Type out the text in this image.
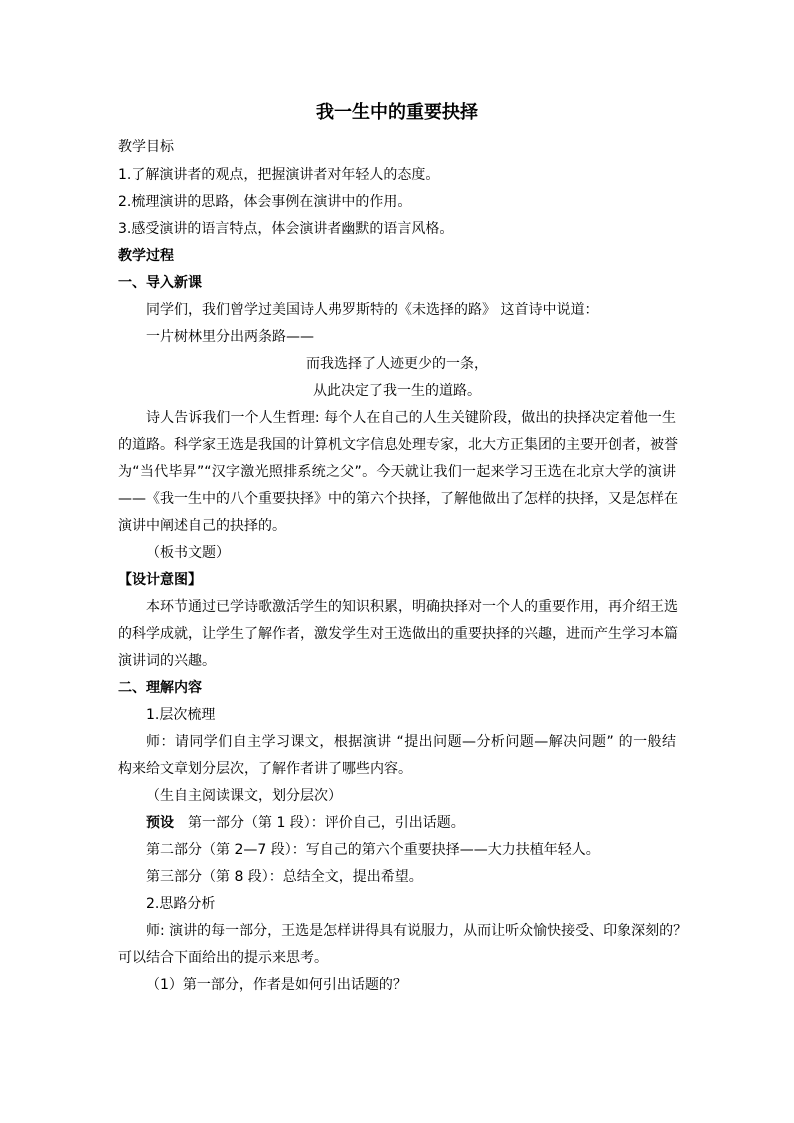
我一生中的重要抉择
教学目标
1.了解演讲者的观点，把握演讲者对年轻人的态度。
2.梳理演讲的思路，体会事例在演讲中的作用。
3.感受演讲的语言特点，体会演讲者幽默的语言风格。
教学过程
一、导入新课
同学们，我们曾学过美国诗人弗罗斯特的《未选择的路》 这首诗中说道：
一片树林里分出两条路——
而我选择了人迹更少的一条，
从此决定了我一生的道路。
诗人告诉我们一个人生哲理: 每个人在自己的人生关键阶段，做出的抉择决定着他一生
的道路。科学家王选是我国的计算机文字信息处理专家，北大方正集团的主要开创者，被誉
为“当代毕昇”“汉字激光照排系统之父”。今天就让我们一起来学习王选在北京大学的演讲
——《我一生中的八个重要抉择》中的第六个抉择，了解他做出了怎样的抉择，又是怎样在
演讲中阐述自己的抉择的。
（板书文题）
【设计意图】
本环节通过已学诗歌激活学生的知识积累，明确抉择对一个人的重要作用，再介绍王选
的科学成就，让学生了解作者，激发学生对王选做出的重要抉择的兴趣，进而产生学习本篇
演讲词的兴趣。
二、理解内容
1.层次梳理
师：请同学们自主学习课文，根据演讲 “提出问题—分析问题—解决问题” 的一般结
构来给文章划分层次，了解作者讲了哪些内容。
（生自主阅读课文，划分层次）
预设 第一部分（第 1 段）：评价自己，引出话题。
第二部分（第 2—7 段）：写自己的第六个重要抉择——大力扶植年轻人。
第三部分（第 8 段）：总结全文，提出希望。
2.思路分析
师: 演讲的每一部分，王选是怎样讲得具有说服力，从而让听众愉快接受、印象深刻的？
可以结合下面给出的提示来思考。
（1）第一部分，作者是如何引出话题的？
